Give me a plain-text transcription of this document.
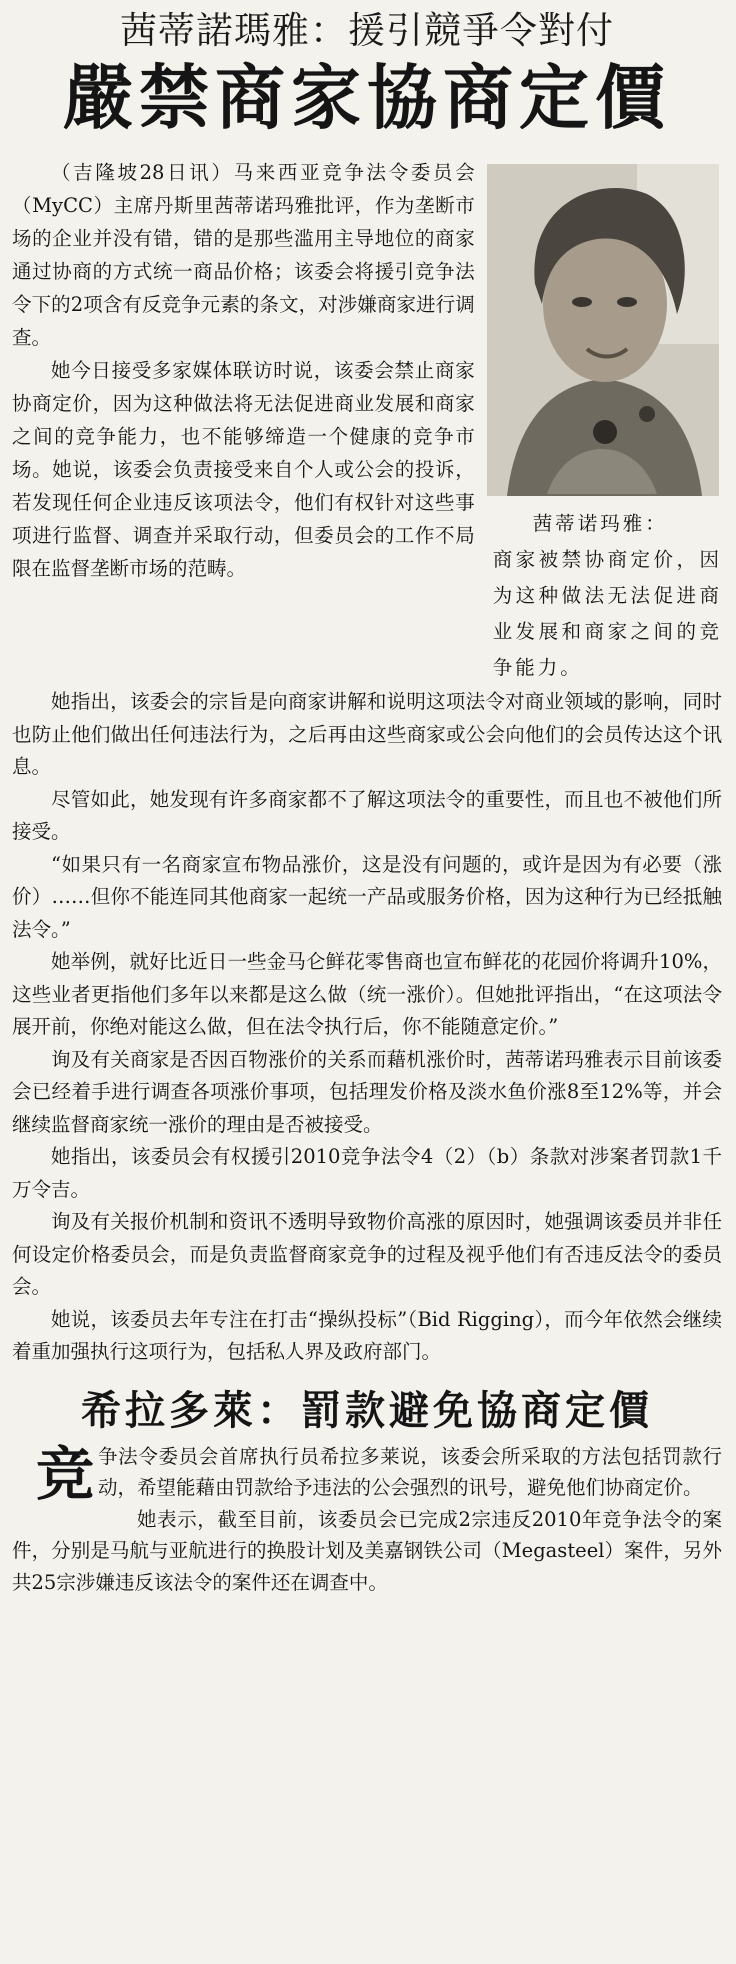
茜蒂諾瑪雅：援引競爭令對付
嚴禁商家協商定價

（吉隆坡28日讯）马来西亚竞争法令委员会（MyCC）主席丹斯里茜蒂诺玛雅批评，作为垄断市场的企业并没有错，错的是那些滥用主导地位的商家通过协商的方式统一商品价格；该委会将援引竞争法令下的2项含有反竞争元素的条文，对涉嫌商家进行调查。

她今日接受多家媒体联访时说，该委会禁止商家协商定价，因为这种做法将无法促进商业发展和商家之间的竞争能力，也不能够缔造一个健康的竞争市场。她说，该委会负责接受来自个人或公会的投诉，若发现任何企业违反该项法令，他们有权针对这些事项进行监督、调查并采取行动，但委员会的工作不局限在监督垄断市场的范畴。

茜蒂诺玛雅：
商家被禁协商定价，因为这种做法无法促进商业发展和商家之间的竞争能力。

她指出，该委会的宗旨是向商家讲解和说明这项法令对商业领域的影响，同时也防止他们做出任何违法行为，之后再由这些商家或公会向他们的会员传达这个讯息。

尽管如此，她发现有许多商家都不了解这项法令的重要性，而且也不被他们所接受。

“如果只有一名商家宣布物品涨价，这是没有问题的，或许是因为有必要（涨价）……但你不能连同其他商家一起统一产品或服务价格，因为这种行为已经抵触法令。”

她举例，就好比近日一些金马仑鲜花零售商也宣布鲜花的花园价将调升10%，这些业者更指他们多年以来都是这么做（统一涨价）。但她批评指出，“在这项法令展开前，你绝对能这么做，但在法令执行后，你不能随意定价。”

询及有关商家是否因百物涨价的关系而藉机涨价时，茜蒂诺玛雅表示目前该委会已经着手进行调查各项涨价事项，包括理发价格及淡水鱼价涨8至12%等，并会继续监督商家统一涨价的理由是否被接受。

她指出，该委员会有权援引2010竞争法令4（2）（b）条款对涉案者罚款1千万令吉。

询及有关报价机制和资讯不透明导致物价高涨的原因时，她强调该委员并非任何设定价格委员会，而是负责监督商家竞争的过程及视乎他们有否违反法令的委员会。

她说，该委员去年专注在打击“操纵投标”（Bid Rigging），而今年依然会继续着重加强执行这项行为，包括私人界及政府部门。

希拉多萊：罰款避免協商定價

竞争法令委员会首席执行员希拉多莱说，该委会所采取的方法包括罚款行动，希望能藉由罚款给予违法的公会强烈的讯号，避免他们协商定价。

她表示，截至目前，该委员会已完成2宗违反2010年竞争法令的案件，分别是马航与亚航进行的换股计划及美嘉钢铁公司（Megasteel）案件，另外共25宗涉嫌违反该法令的案件还在调查中。
